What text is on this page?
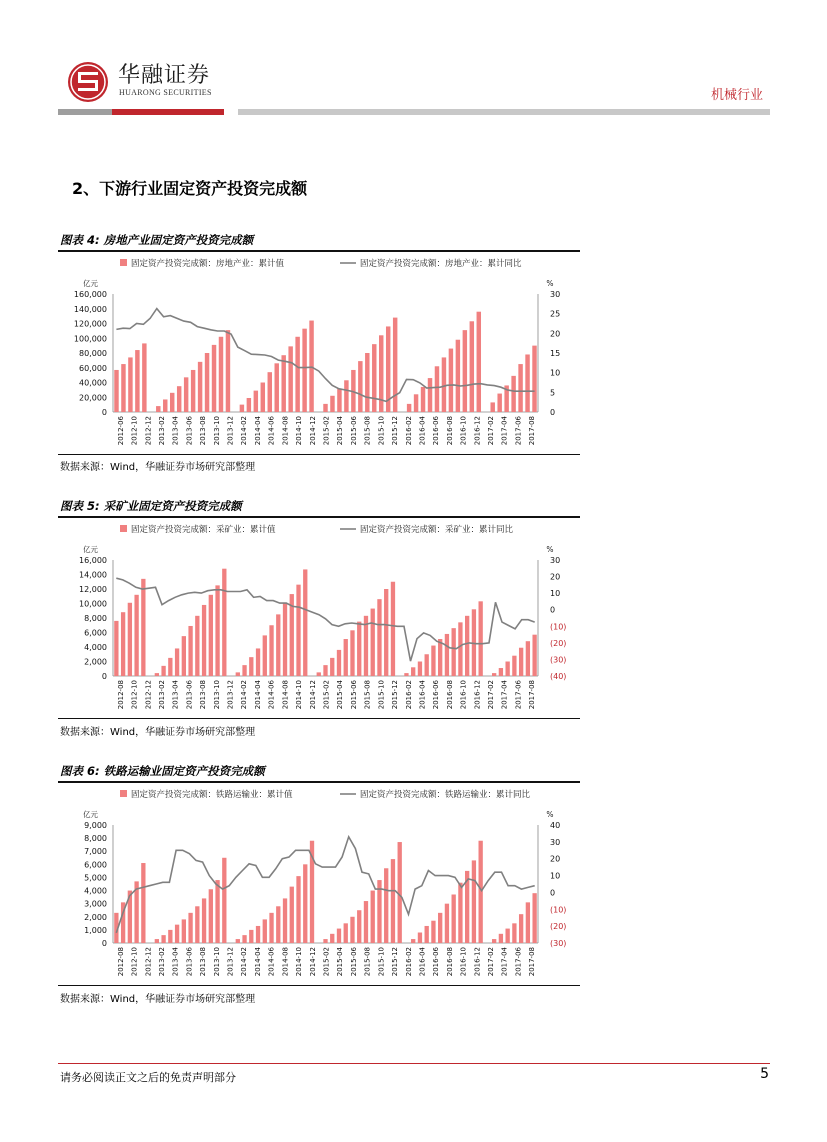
华融证券
HUARONG SECURITIES	机械行业
2、下游行业固定资产投资完成额
图表 4: 房地产业固定资产投资完成额
固定资产投资完成额：房地产业：累计值	固定资产投资完成额：房地产业：累计同比
亿元	%
160,000
140,000
120,000
100,000
80,000
60,000
40,000
20,000
0
30
25
20
15
10
5
0
2012-06 2012-10 2012-12 2013-02 2013-04 2013-06 2013-08 2013-10 2013-12 2014-02 2014-04 2014-06 2014-08 2014-10 2014-12 2015-02 2015-04 2015-06 2015-08 2015-10 2015-12 2016-02 2016-04 2016-06 2016-08 2016-10 2016-12 2017-02 2017-04 2017-06 2017-08
数据来源：Wind，华融证券市场研究部整理
图表 5: 采矿业固定资产投资完成额
固定资产投资完成额：采矿业：累计值	固定资产投资完成额：采矿业：累计同比
亿元	%
16,000
14,000
12,000
10,000
8,000
6,000
4,000
2,000
0
30
20
10
0
(10)
(20)
(30)
(40)
2012-08 2012-10 2012-12 2013-02 2013-04 2013-06 2013-08 2013-10 2013-12 2014-02 2014-04 2014-06 2014-08 2014-10 2014-12 2015-02 2015-04 2015-06 2015-08 2015-10 2015-12 2016-02 2016-04 2016-06 2016-08 2016-10 2016-12 2017-02 2017-04 2017-06 2017-08
数据来源：Wind，华融证券市场研究部整理
图表 6: 铁路运输业固定资产投资完成额
固定资产投资完成额：铁路运输业：累计值	固定资产投资完成额：铁路运输业：累计同比
亿元	%
9,000
8,000
7,000
6,000
5,000
4,000
3,000
2,000
1,000
0
40
30
20
10
0
(10)
(20)
(30)
2012-08 2012-10 2012-12 2013-02 2013-04 2013-06 2013-08 2013-10 2013-12 2014-02 2014-04 2014-06 2014-08 2014-10 2014-12 2015-02 2015-04 2015-06 2015-08 2015-10 2015-12 2016-02 2016-04 2016-06 2016-08 2016-10 2016-12 2017-02 2017-04 2017-06 2017-08
数据来源：Wind，华融证券市场研究部整理
请务必阅读正文之后的免责声明部分	5
